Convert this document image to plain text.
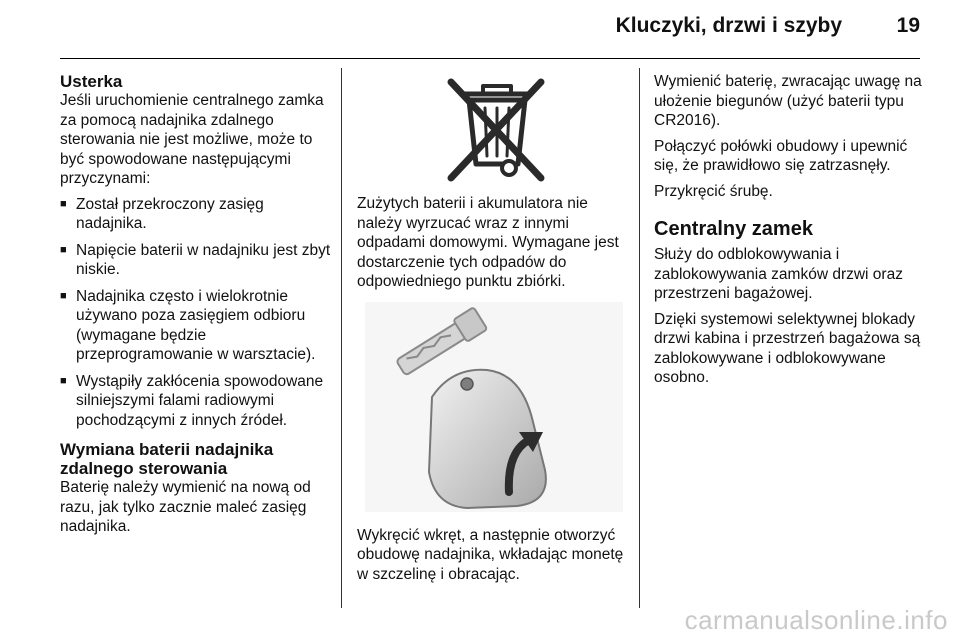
Kluczyki, drzwi i szyby	19
Usterka

Jeśli uruchomienie centralnego zamka za pomocą nadajnika zdalnego sterowania nie jest możliwe, może to być spowodowane następującymi przyczynami:

■ Został przekroczony zasięg nadajnika.
■ Napięcie baterii w nadajniku jest zbyt niskie.
■ Nadajnika często i wielokrotnie używano poza zasięgiem odbioru (wymagane będzie przeprogramowanie w warsztacie).
■ Wystąpiły zakłócenia spowodowane silniejszymi falami radiowymi pochodzącymi z innych źródeł.
Wymiana baterii nadajnika zdalnego sterowania

Baterię należy wymienić na nową od razu, jak tylko zacznie maleć zasięg nadajnika.

Zużytych baterii i akumulatora nie należy wyrzucać wraz z innymi odpadami domowymi. Wymagane jest dostarczenie tych odpadów do odpowiedniego punktu zbiórki.

Wykręcić wkręt, a następnie otworzyć obudowę nadajnika, wkładając monetę w szczelinę i obracając.

Wymienić baterię, zwracając uwagę na ułożenie biegunów (użyć baterii typu CR2016).

Połączyć połówki obudowy i upewnić się, że prawidłowo się zatrzasnęły.

Przykręcić śrubę.

Centralny zamek

Służy do odblokowywania i zablokowywania zamków drzwi oraz przestrzeni bagażowej.

Dzięki systemowi selektywnej blokady drzwi kabina i przestrzeń bagażowa są zablokowywane i odblokowywane osobno.

carmanualsonline.info
